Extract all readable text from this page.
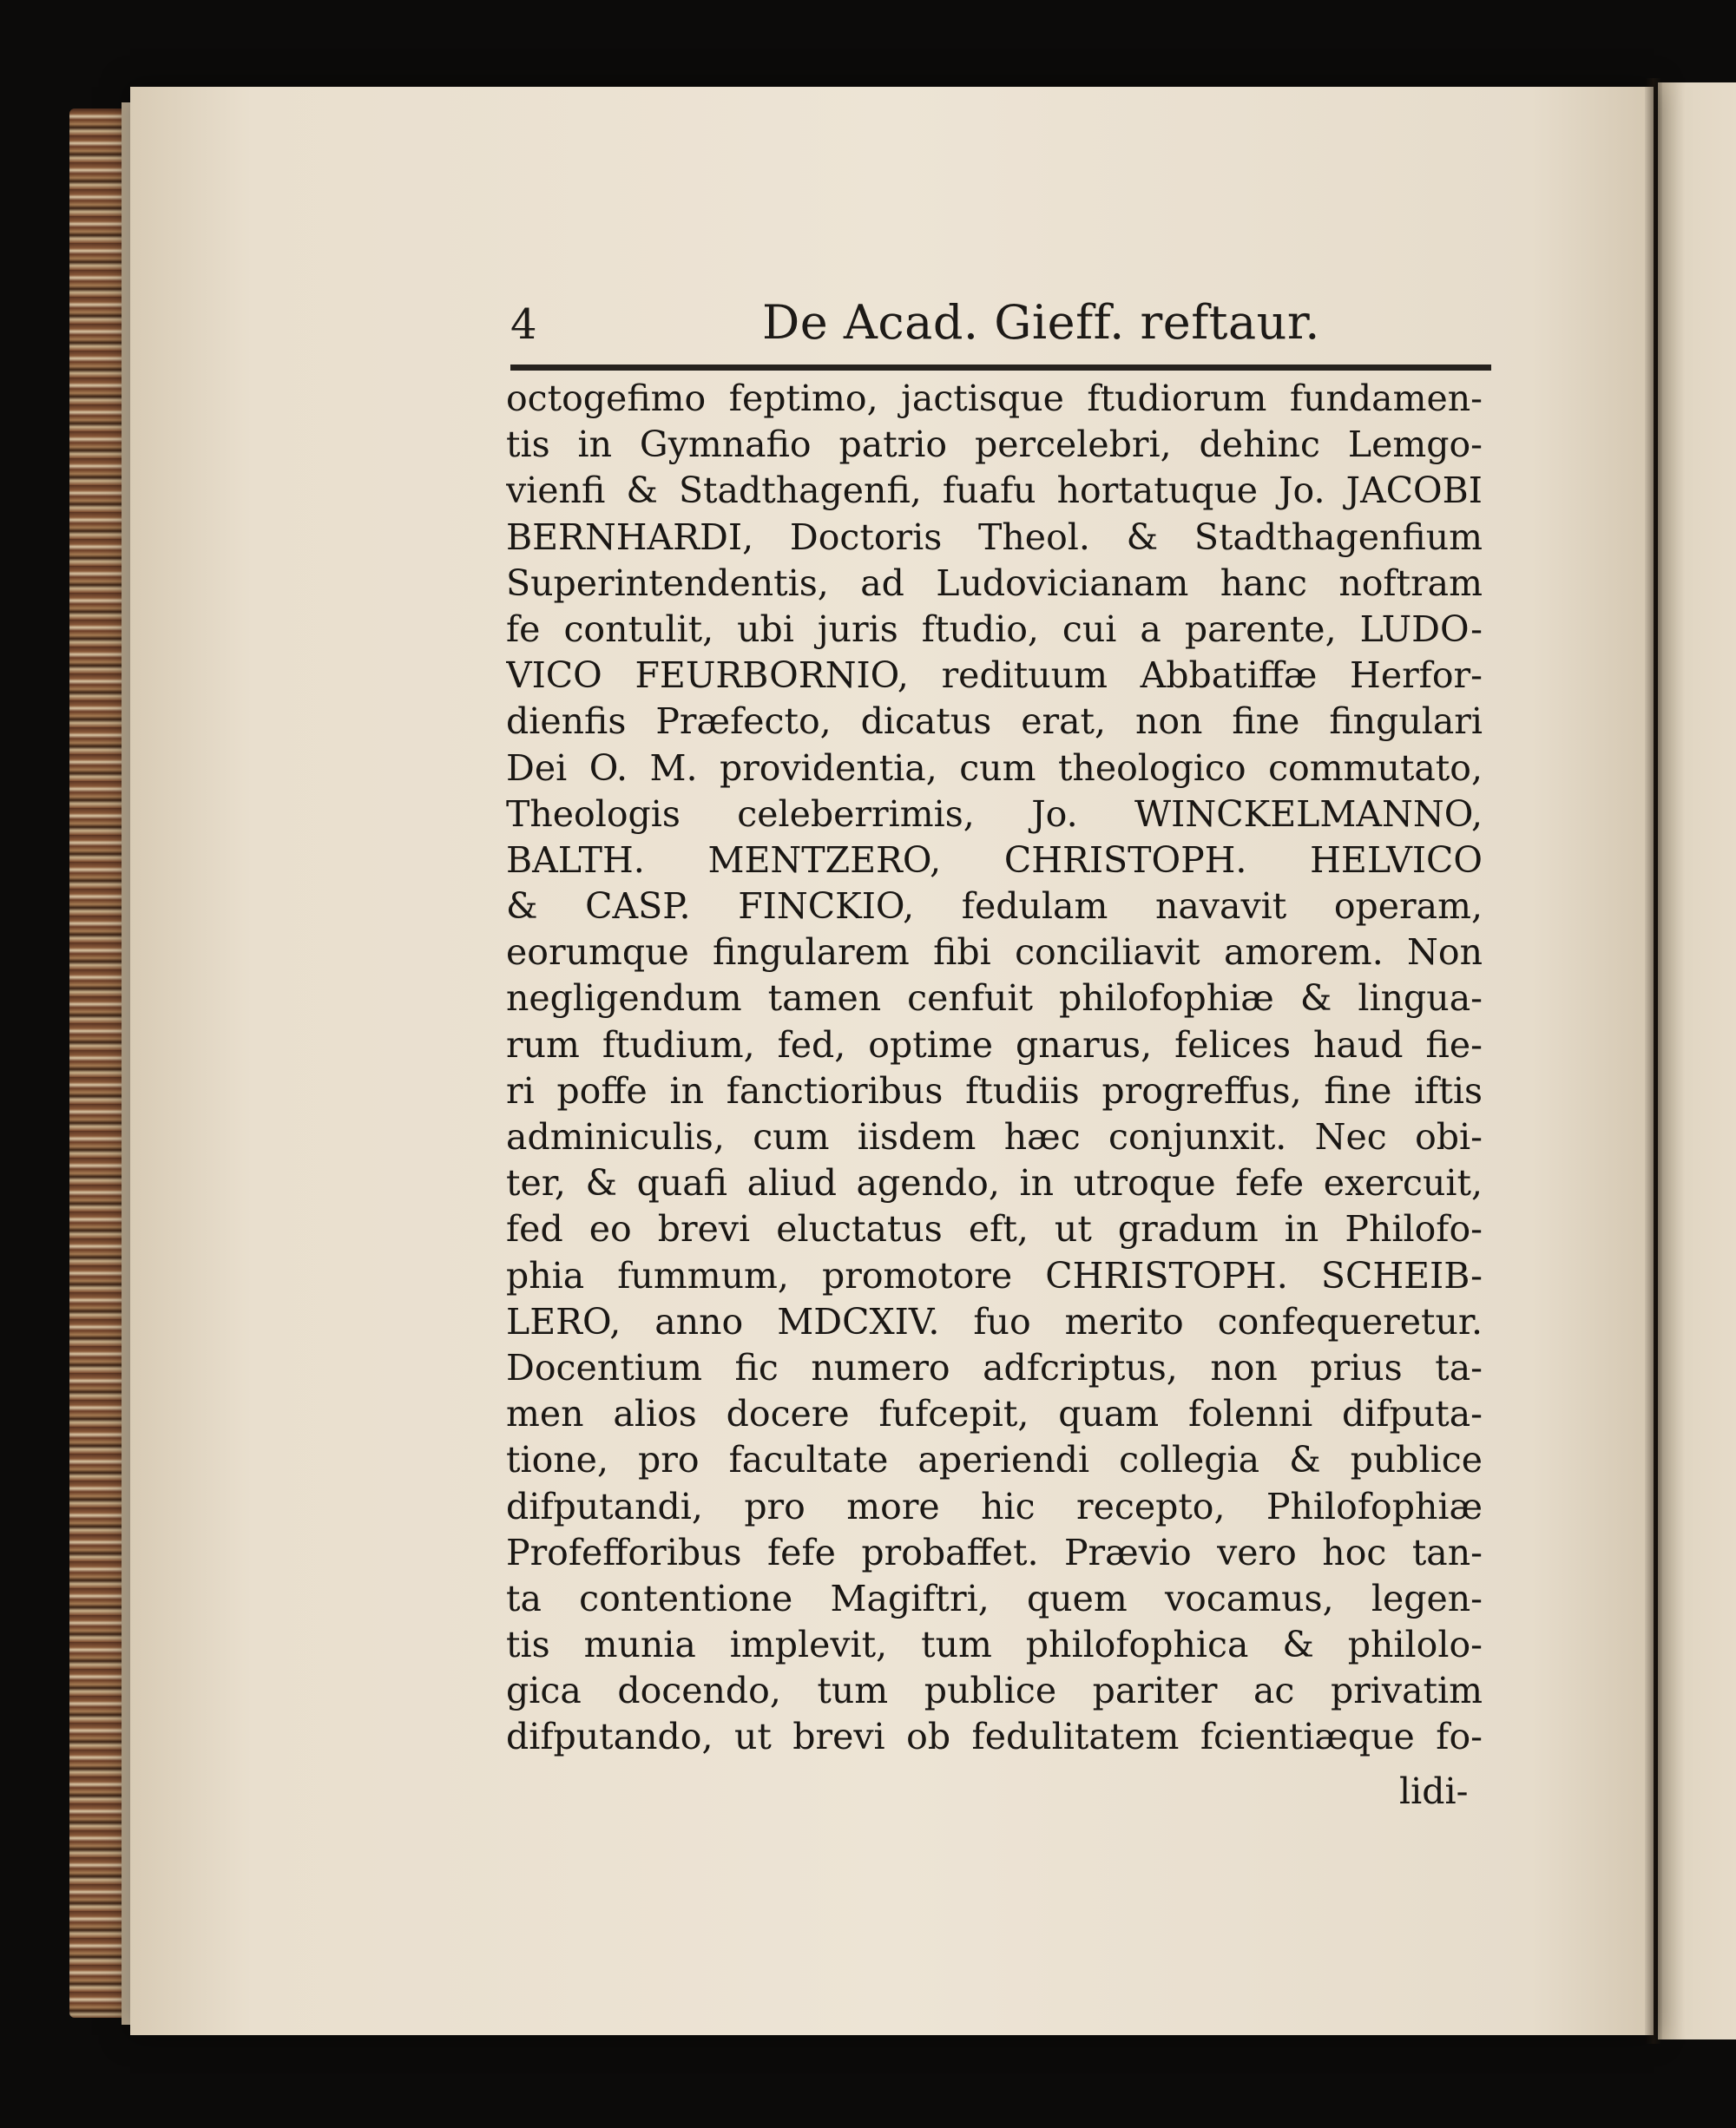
4	De Acad. Gieff. reftaur.
octogefimo feptimo, jactisque ftudiorum fundamen-
tis in Gymnafio patrio percelebri, dehinc Lemgo-
vienfi & Stadthagenfi, fuafu hortatuque Jo. JACOBI
BERNHARDI, Doctoris Theol. & Stadthagenfium
Superintendentis, ad Ludovicianam hanc noftram
fe contulit, ubi juris ftudio, cui a parente, LUDO-
VICO FEURBORNIO, redituum Abbatiffæ Herfor-
dienfis Præfecto, dicatus erat, non fine fingulari
Dei O. M. providentia, cum theologico commutato,
Theologis celeberrimis, Jo. WINCKELMANNO,
BALTH. MENTZERO, CHRISTOPH. HELVICO
& CASP. FINCKIO, fedulam navavit operam,
eorumque fingularem fibi conciliavit amorem. Non
negligendum tamen cenfuit philofophiæ & lingua-
rum ftudium, fed, optime gnarus, felices haud fie-
ri poffe in fanctioribus ftudiis progreffus, fine iftis
adminiculis, cum iisdem hæc conjunxit. Nec obi-
ter, & quafi aliud agendo, in utroque fefe exercuit,
fed eo brevi eluctatus eft, ut gradum in Philofo-
phia fummum, promotore CHRISTOPH. SCHEIB-
LERO, anno MDCXIV. fuo merito confequeretur.
Docentium fic numero adfcriptus, non prius ta-
men alios docere fufcepit, quam folenni difputa-
tione, pro facultate aperiendi collegia & publice
difputandi, pro more hic recepto, Philofophiæ
Profefforibus fefe probaffet. Prævio vero hoc tan-
ta contentione Magiftri, quem vocamus, legen-
tis munia implevit, tum philofophica & philolo-
gica docendo, tum publice pariter ac privatim
difputando, ut brevi ob fedulitatem fcientiæque fo-
lidi-
